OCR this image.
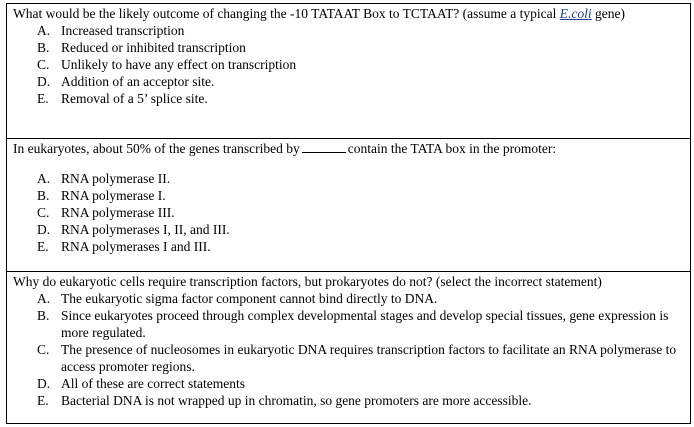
What would be the likely outcome of changing the -10 TATAAT Box to TCTAAT? (assume a typical E.coli gene)

A. Increased transcription
B. Reduced or inhibited transcription
C. Unlikely to have any effect on transcription
D. Addition of an acceptor site.
E. Removal of a 5’ splice site.

In eukaryotes, about 50% of the genes transcribed by	contain the TATA box in the promoter:

A. RNA polymerase II.
B. RNA polymerase I.
C. RNA polymerase III.
D. RNA polymerases I, II, and III.
E. RNA polymerases I and III.

Why do eukaryotic cells require transcription factors, but prokaryotes do not? (select the incorrect statement)

A. The eukaryotic sigma factor component cannot bind directly to DNA.
B. Since eukaryotes proceed through complex developmental stages and develop special tissues, gene expression is more regulated.
C. The presence of nucleosomes in eukaryotic DNA requires transcription factors to facilitate an RNA polymerase to access promoter regions.
D. All of these are correct statements
E. Bacterial DNA is not wrapped up in chromatin, so gene promoters are more accessible.
